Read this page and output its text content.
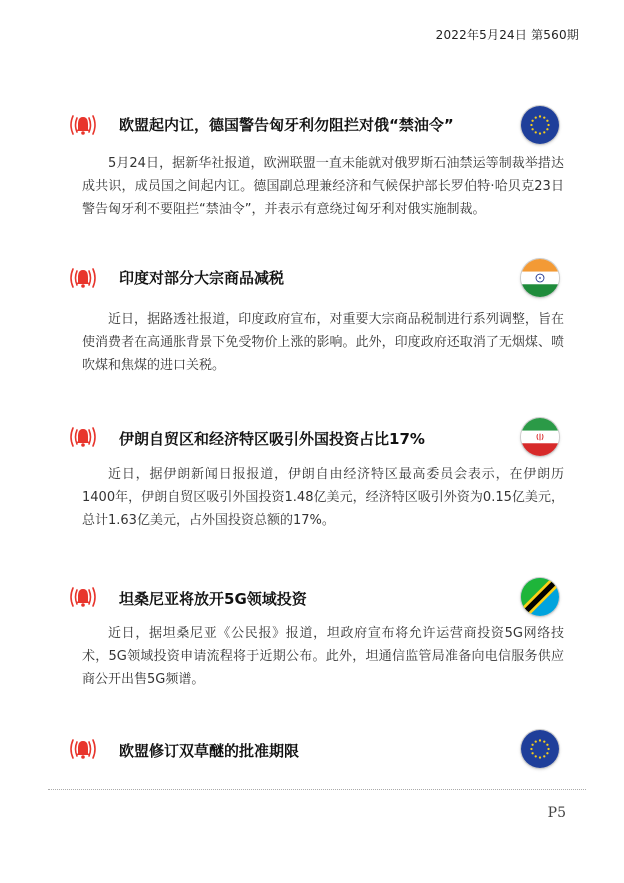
2022年5月24日 第560期
欧盟起内讧，德国警告匈牙利勿阻拦对俄“禁油令”
5月24日，据新华社报道，欧洲联盟一直未能就对俄罗斯石油禁运等制裁举措达成共识，成员国之间起内讧。德国副总理兼经济和气候保护部长罗伯特·哈贝克23日警告匈牙利不要阻拦“禁油令”，并表示有意绕过匈牙利对俄实施制裁。
印度对部分大宗商品减税
近日，据路透社报道，印度政府宣布，对重要大宗商品税制进行系列调整，旨在使消费者在高通胀背景下免受物价上涨的影响。此外，印度政府还取消了无烟煤、喷吹煤和焦煤的进口关税。
伊朗自贸区和经济特区吸引外国投资占比17%
近日，据伊朗新闻日报报道，伊朗自由经济特区最高委员会表示，在伊朗历1400年，伊朗自贸区吸引外国投资1.48亿美元，经济特区吸引外资为0.15亿美元，总计1.63亿美元，占外国投资总额的17%。
坦桑尼亚将放开5G领域投资
近日，据坦桑尼亚《公民报》报道，坦政府宣布将允许运营商投资5G网络技术，5G领域投资申请流程将于近期公布。此外，坦通信监管局准备向电信服务供应商公开出售5G频谱。
欧盟修订双草醚的批准期限
P5
